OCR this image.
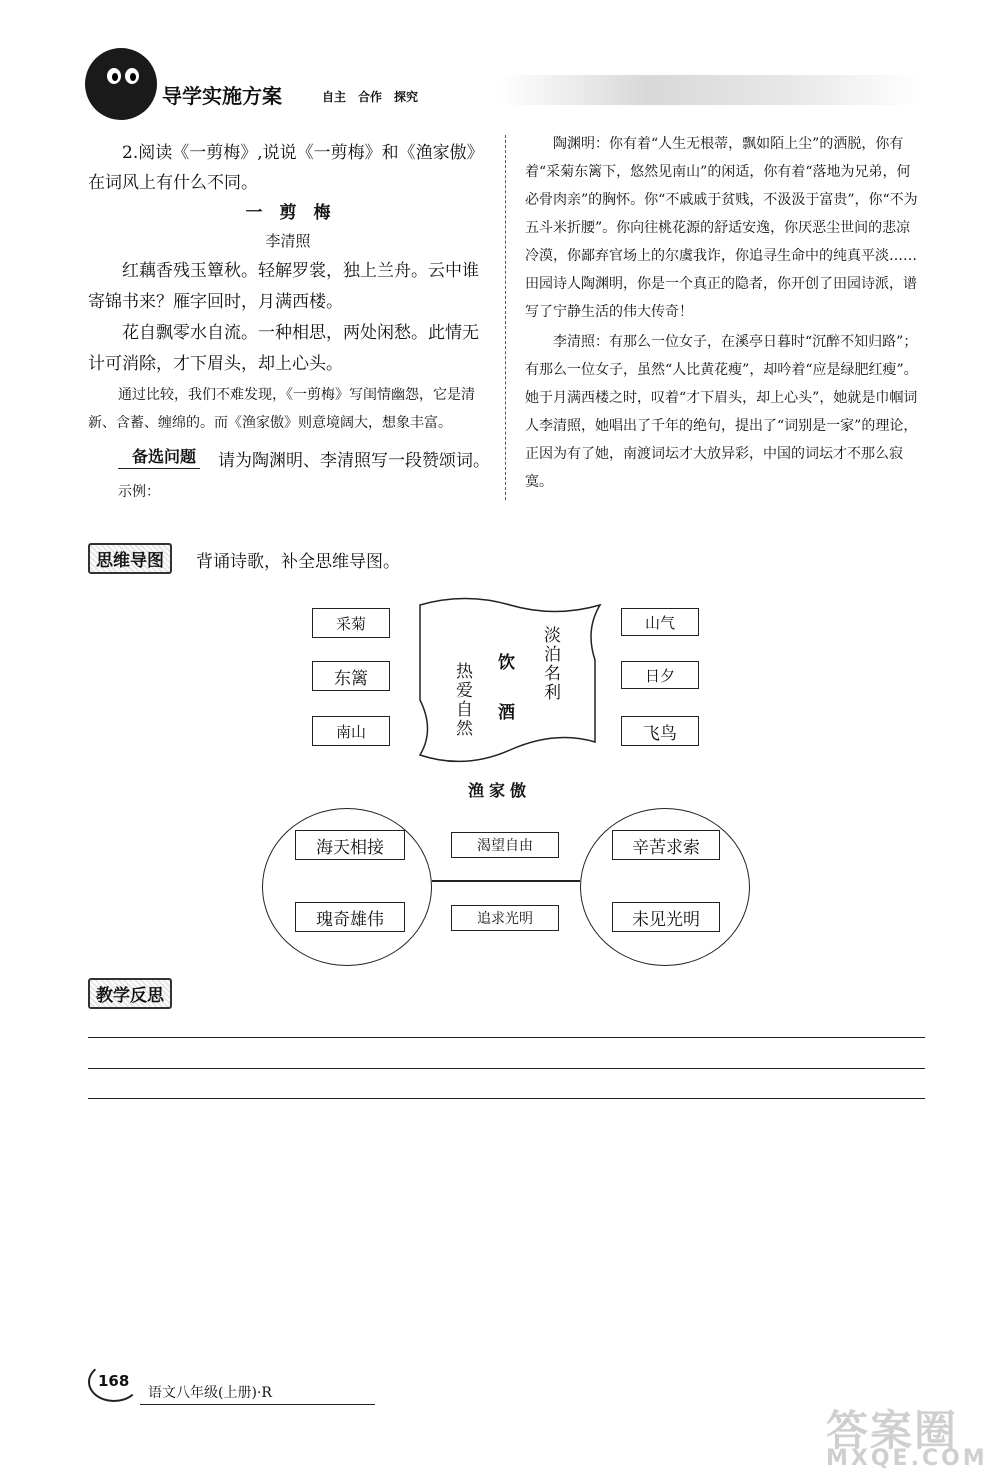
导学实施方案	自主　合作　探究
2.阅读《一剪梅》,说说《一剪梅》和《渔家傲》在词风上有什么不同。
一　剪　梅
李清照
红藕香残玉簟秋。轻解罗裳，独上兰舟。云中谁寄锦书来？雁字回时，月满西楼。
花自飘零水自流。一种相思，两处闲愁。此情无计可消除，才下眉头，却上心头。
通过比较，我们不难发现，《一剪梅》写闺情幽怨，它是清新、含蓄、缠绵的。而《渔家傲》则意境阔大，想象丰富。
备选问题 请为陶渊明、李清照写一段赞颂词。
示例：
陶渊明：你有着“人生无根蒂，飘如陌上尘”的洒脱，你有着“采菊东篱下，悠然见南山”的闲适，你有着“落地为兄弟，何必骨肉亲”的胸怀。你“不戚戚于贫贱，不汲汲于富贵”，你“不为五斗米折腰”。你向往桃花源的舒适安逸，你厌恶尘世间的悲凉冷漠，你鄙弃官场上的尔虞我诈，你追寻生命中的纯真平淡……田园诗人陶渊明，你是一个真正的隐者，你开创了田园诗派，谱写了宁静生活的伟大传奇！
李清照：有那么一位女子，在溪亭日暮时“沉醉不知归路”；有那么一位女子，虽然“人比黄花瘦”，却吟着“应是绿肥红瘦”。她于月满西楼之时，叹着“才下眉头，却上心头”，她就是巾帼词人李清照，她唱出了千年的绝句，提出了“词别是一家”的理论，正因为有了她，南渡词坛才大放异彩，中国的词坛才不那么寂寞。
思维导图	背诵诗歌，补全思维导图。
采菊
东篱
南山
山气
日夕
飞鸟
热爱自然 饮
酒
淡泊名利
渔家傲
海天相接
瑰奇雄伟
渴望自由
追求光明
辛苦求索
未见光明
教学反思
168
语文八年级(上册)·R
答案圈
MXQE.COM
